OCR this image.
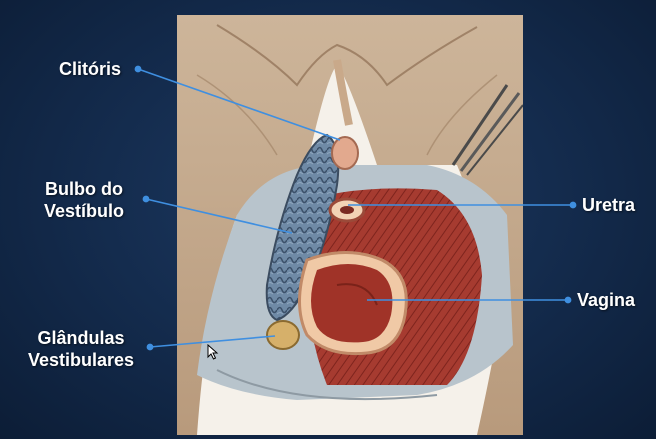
Clitóris
Bulbo do
Vestíbulo
Glândulas
Vestibulares
Uretra
Vagina
